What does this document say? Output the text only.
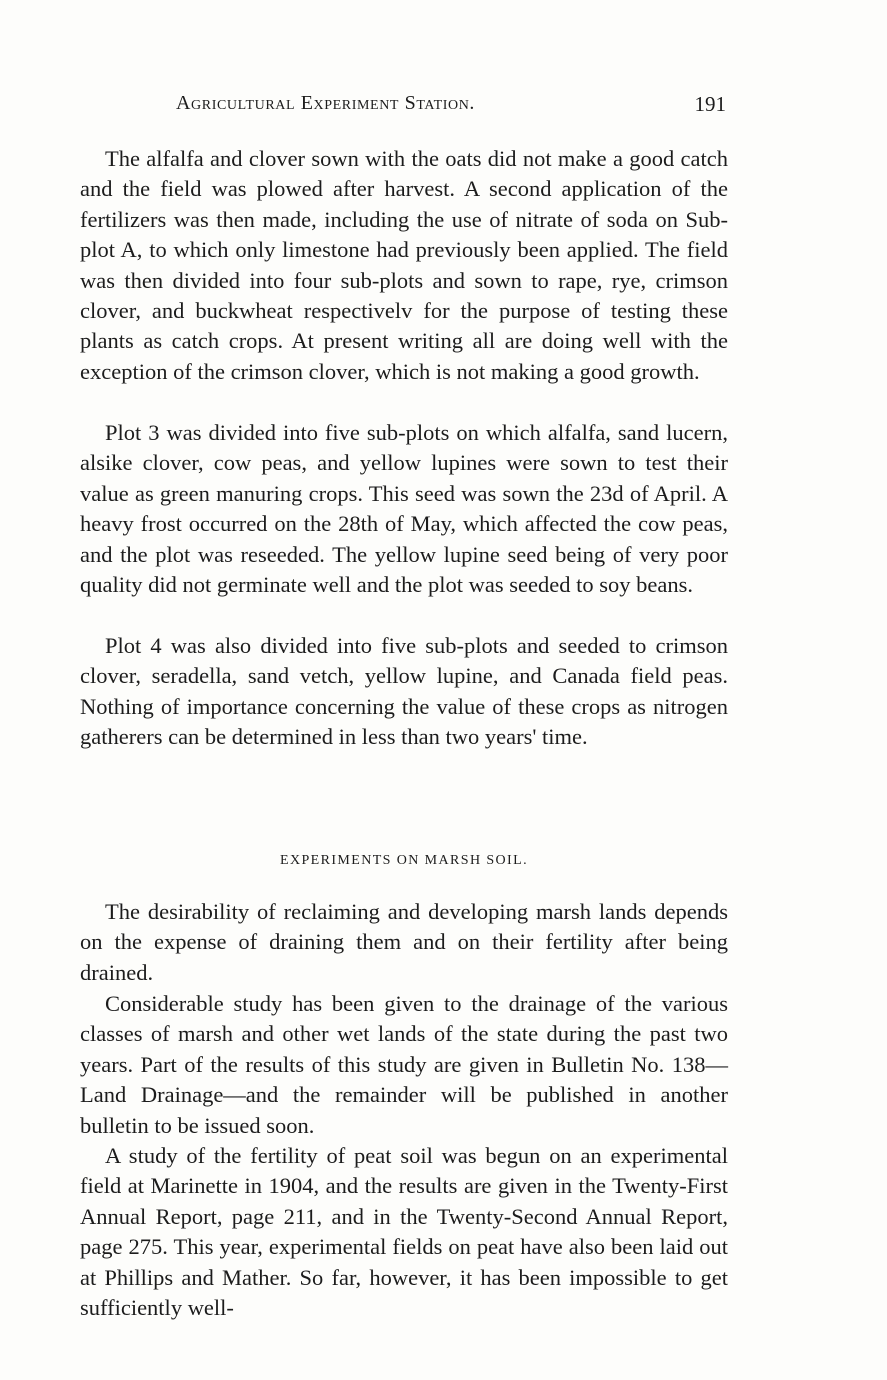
Agricultural Experiment Station.	191

The alfalfa and clover sown with the oats did not make a good catch and the field was plowed after harvest. A second application of the fertilizers was then made, including the use of nitrate of soda on Sub-plot A, to which only limestone had previously been applied. The field was then divided into four sub-plots and sown to rape, rye, crimson clover, and buckwheat respectivelv for the purpose of testing these plants as catch crops. At present writing all are doing well with the exception of the crimson clover, which is not making a good growth.

Plot 3 was divided into five sub-plots on which alfalfa, sand lucern, alsike clover, cow peas, and yellow lupines were sown to test their value as green manuring crops. This seed was sown the 23d of April. A heavy frost occurred on the 28th of May, which affected the cow peas, and the plot was reseeded. The yellow lupine seed being of very poor quality did not germinate well and the plot was seeded to soy beans.

Plot 4 was also divided into five sub-plots and seeded to crimson clover, seradella, sand vetch, yellow lupine, and Canada field peas. Nothing of importance concerning the value of these crops as nitrogen gatherers can be determined in less than two years' time.

EXPERIMENTS ON MARSH SOIL.

The desirability of reclaiming and developing marsh lands depends on the expense of draining them and on their fertility after being drained.

Considerable study has been given to the drainage of the various classes of marsh and other wet lands of the state during the past two years. Part of the results of this study are given in Bulletin No. 138—Land Drainage—and the remainder will be published in another bulletin to be issued soon.

A study of the fertility of peat soil was begun on an experimental field at Marinette in 1904, and the results are given in the Twenty-First Annual Report, page 211, and in the Twenty-Second Annual Report, page 275. This year, experimental fields on peat have also been laid out at Phillips and Mather. So far, however, it has been impossible to get sufficiently well-
